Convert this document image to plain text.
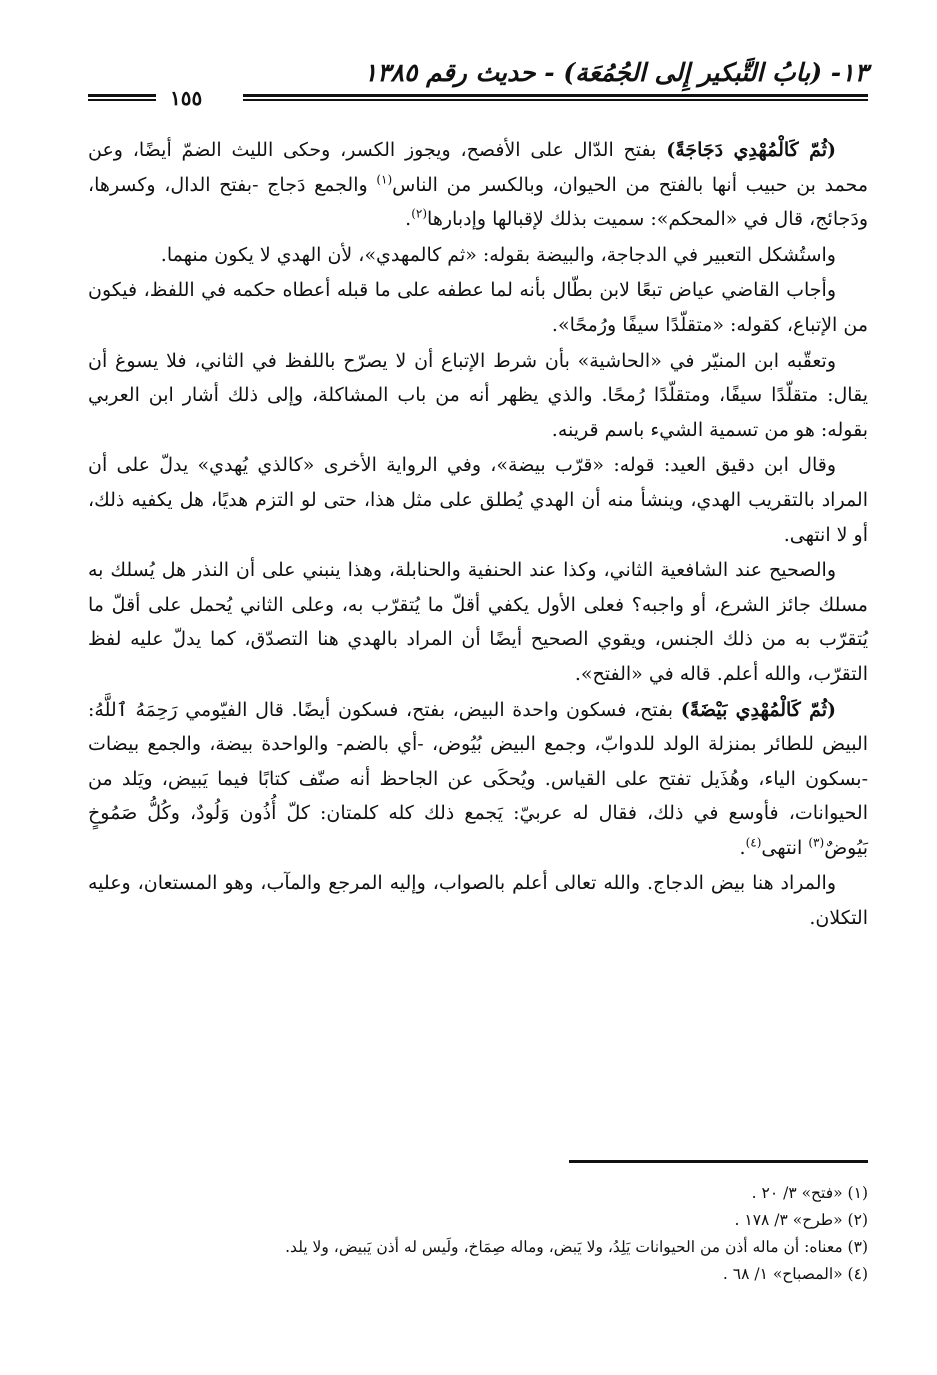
١٣- (بابُ التَّبكير إِلى الجُمُعَة) - حديث رقم ١٣٨٥
١٥٥

(ثُمّ كَالْمُهْدِي دَجَاجَةً) بفتح الدّال على الأفصح، ويجوز الكسر، وحكى الليث الضمّ أيضًا، وعن محمد بن حبيب أنها بالفتح من الحيوان، وبالكسر من الناس$^{(١)}$ والجمع دَجاج -بفتح الدال، وكسرها، ودَجائج، قال في «المحكم»: سميت بذلك لإقبالها وإدبارها$^{(٢)}$.

واستُشكل التعبير في الدجاجة، والبيضة بقوله: «ثم كالمهدي»، لأن الهدي لا يكون منهما.

وأجاب القاضي عياض تبعًا لابن بطّال بأنه لما عطفه على ما قبله أعطاه حكمه في اللفظ، فيكون من الإتباع، كقوله: «متقلّدًا سيفًا ورُمحًا».

وتعقّبه ابن المنيّر في «الحاشية» بأن شرط الإتباع أن لا يصرّح باللفظ في الثاني، فلا يسوغ أن يقال: متقلّدًا سيفًا، ومتقلّدًا رُمحًا. والذي يظهر أنه من باب المشاكلة، وإلى ذلك أشار ابن العربي بقوله: هو من تسمية الشيء باسم قرينه.

وقال ابن دقيق العيد: قوله: «قرّب بيضة»، وفي الرواية الأخرى «كالذي يُهدي» يدلّ على أن المراد بالتقريب الهدي، وينشأ منه أن الهدي يُطلق على مثل هذا، حتى لو التزم هديًا، هل يكفيه ذلك، أو لا انتهى.

والصحيح عند الشافعية الثاني، وكذا عند الحنفية والحنابلة، وهذا ينبني على أن النذر هل يُسلك به مسلك جائز الشرع، أو واجبه؟ فعلى الأول يكفي أقلّ ما يُتقرّب به، وعلى الثاني يُحمل على أقلّ ما يُتقرّب به من ذلك الجنس، ويقوي الصحيح أيضًا أن المراد بالهدي هنا التصدّق، كما يدلّ عليه لفظ التقرّب، والله أعلم. قاله في «الفتح».

(ثُمّ كَالْمُهْدِي بَيْضَةً) بفتح، فسكون واحدة البيض، بفتح، فسكون أيضًا. قال الفيّومي رَحِمَهُ ٱللَّهُ: البيض للطائر بمنزلة الولد للدوابّ، وجمع البيض بُيُوض، -أي بالضم- والواحدة بيضة، والجمع بيضات -بسكون الياء، وهُذَيل تفتح على القياس. ويُحكَى عن الجاحظ أنه صنّف كتابًا فيما يَبيض، ويَلد من الحيوانات، فأوسع في ذلك، فقال له عربيّ: يَجمع ذلك كله كلمتان: كلّ أُذُون وَلُودٌ، وكُلُّ صَمُوخٍ بَيُوضٌ$^{(٣)}$ انتهى$^{(٤)}$.

والمراد هنا بيض الدجاج. والله تعالى أعلم بالصواب، وإليه المرجع والمآب، وهو المستعان، وعليه التكلان.

(١) «فتح» ٣/ ٢٠ .

(٢) «طرح» ٣/ ١٧٨ .

(٣) معناه: أن ماله أذن من الحيوانات يَلِدُ، ولا يَبض، وماله صِمَاخ، ولَيس له أذن يَبيض، ولا يلد.

(٤) «المصباح» ١/ ٦٨ .
